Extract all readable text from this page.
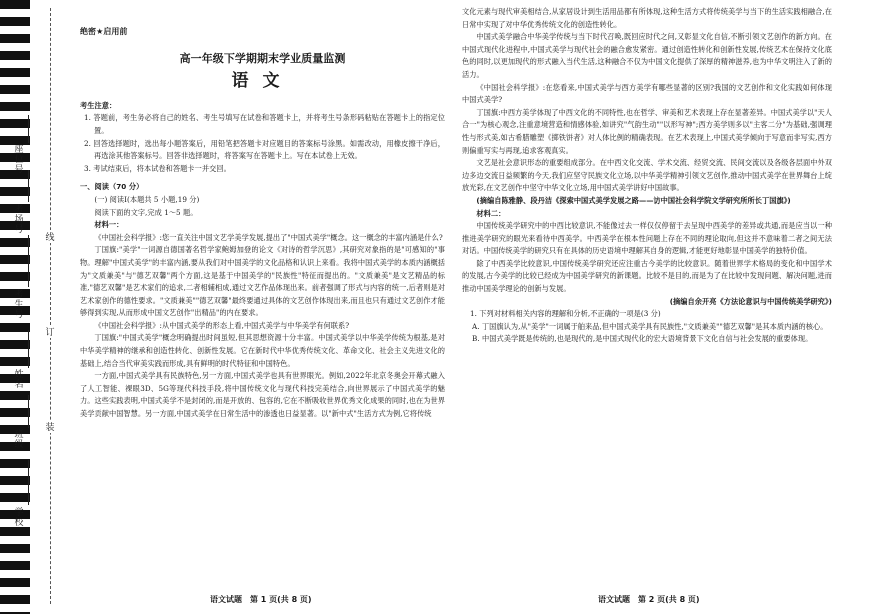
座位号
考场号
考生号
姓名
班级
学校
线
订
装
绝密★启用前
高一年级下学期期末学业质量监测
语文
考生注意：

1. 答题前，考生务必将自己的姓名、考生号填写在试卷和答题卡上，并将考生号条形码粘贴在答题卡上的指定位置。

2. 回答选择题时，选出每小题答案后，用铅笔把答题卡对应题目的答案标号涂黑。如需改动，用橡皮擦干净后，再选涂其他答案标号。回答非选择题时，将答案写在答题卡上。写在本试卷上无效。

3. 考试结束后，将本试卷和答题卡一并交回。

一、阅读（70 分）

(一) 阅读Ⅰ(本题共 5 小题,19 分)

阅读下面的文字,完成 1～5 题。

材料一：

《中国社会科学报》:您一直关注中国文艺学美学发展,提出了"中国式美学"概念。这一概念的丰富内涵是什么?

丁国旗:"美学"一词源自德国著名哲学家鲍姆加登的论文《对诗的哲学沉思》,其研究对象指的是"可感知的"事物。理解"中国式美学"的丰富内涵,要从我们对中国美学的文化品格和认识上来看。我将中国式美学的本质内涵概括为"文质兼美"与"德艺双馨"两个方面,这是基于中国美学的"民族性"特征而提出的。"文质兼美"是文艺精品的标准,"德艺双馨"是艺术家们的追求,二者相辅相成,通过文艺作品体现出来。前者强调了形式与内容的统一,后者则是对艺术家创作的德性要求。"文质兼美""德艺双馨"最终要通过具体的文艺创作体现出来,而且也只有通过文艺创作才能够得到实现,从而形成中国文艺创作"出精品"的内在要求。

《中国社会科学报》:从中国式美学的形态上看,中国式美学与中华美学有何联系?

丁国旗:"中国式美学"概念明确提出时间虽短,但其思想资源十分丰富。中国式美学以中华美学传统为根基,是对中华美学精神的继承和创造性转化、创新性发展。它在新时代中华优秀传统文化、革命文化、社会主义先进文化的基础上,结合当代审美实践而形成,具有鲜明的时代特征和中国特色。

一方面,中国式美学具有民族特色,另一方面,中国式美学也具有世界眼光。例如,2022年北京冬奥会开幕式融入了人工智能、裸眼3D、5G等现代科技手段,将中国传统文化与现代科技完美结合,向世界展示了中国式美学的魅力。这些实践表明,中国式美学不是封闭的,而是开放的、包容的,它在不断吸收世界优秀文化成果的同时,也在为世界美学贡献中国智慧。另一方面,中国式美学在日常生活中的渗透也日益显著。以"新中式"生活方式为例,它将传统

语文试题　第 1 页(共 8 页)

文化元素与现代审美相结合,从家居设计到生活用品都有所体现,这种生活方式将传统美学与当下的生活实践相融合,在日常中实现了对中华优秀传统文化的创造性转化。

中国式美学融合中华美学传统与当下时代召唤,既回应时代之问,又彰显文化自信,不断引领文艺创作的新方向。在中国式现代化进程中,中国式美学与现代社会的融合愈发紧密。通过创造性转化和创新性发展,传统艺术在保持文化底色的同时,以更加现代的形式融入当代生活,这种融合不仅为中国文化提供了深厚的精神滋养,也为中华文明注入了新的活力。

《中国社会科学报》:在您看来,中国式美学与西方美学有哪些显著的区别?我国的文艺创作和文化实践如何体现中国式美学?

丁国旗:中西方美学体现了中西文化的不同特性,也在哲学、审美和艺术表现上存在显著差异。中国式美学以"天人合一"为核心观念,注重意境营造和情感体验,如讲究"气韵生动""以形写神";西方美学则多以"主客二分"为基础,强调理性与形式美,如古希腊雕塑《掷铁饼者》对人体比例的精确表现。在艺术表现上,中国式美学倾向于写意而非写实,西方则偏重写实与再现,追求客观真实。

文艺是社会意识形态的重要组成部分。在中西文化交流、学术交流、经贸交流、民间交流以及各级各层面中外双边多边交流日益频繁的今天,我们应坚守民族文化立场,以中华美学精神引领文艺创作,推动中国式美学在世界舞台上绽放光彩,在文艺创作中坚守中华文化立场,用中国式美学讲好中国故事。

(摘编自陈雅静、段丹洁《探索中国式美学发展之路——访中国社会科学院文学研究所所长丁国旗》)

材料二：

中国传统美学研究中的中西比较意识,不能像过去一样仅仅停留于去呈现中西美学的差异或共通,而是应当以一种推进美学研究的眼光来看待中西美学。中西美学在根本性问题上存在不同的理论取向,但这并不意味着二者之间无法对话。中国传统美学的研究只有在具体的历史语境中理解其自身的逻辑,才能更好地彰显中国美学的独特价值。

除了中西美学比较意识,中国传统美学研究还应注重古今美学的比较意识。随着世界学术格局的变化和中国学术的发展,古今美学的比较已经成为中国美学研究的新课题。比较不是目的,而是为了在比较中发现问题、解决问题,进而推动中国美学理论的创新与发展。

(摘编自余开亮《方法论意识与中国传统美学研究》)

1. 下列对材料相关内容的理解和分析,不正确的一项是(3 分)

A. 丁国旗认为,从"美学"一词属于舶来品,但中国式美学具有民族性,"文质兼美""德艺双馨"是其本质内涵的核心。

B. 中国式美学既是传统的,也是现代的,是中国式现代化的宏大语境背景下文化自信与社会发展的重要体现。

语文试题　第 2 页(共 8 页)
